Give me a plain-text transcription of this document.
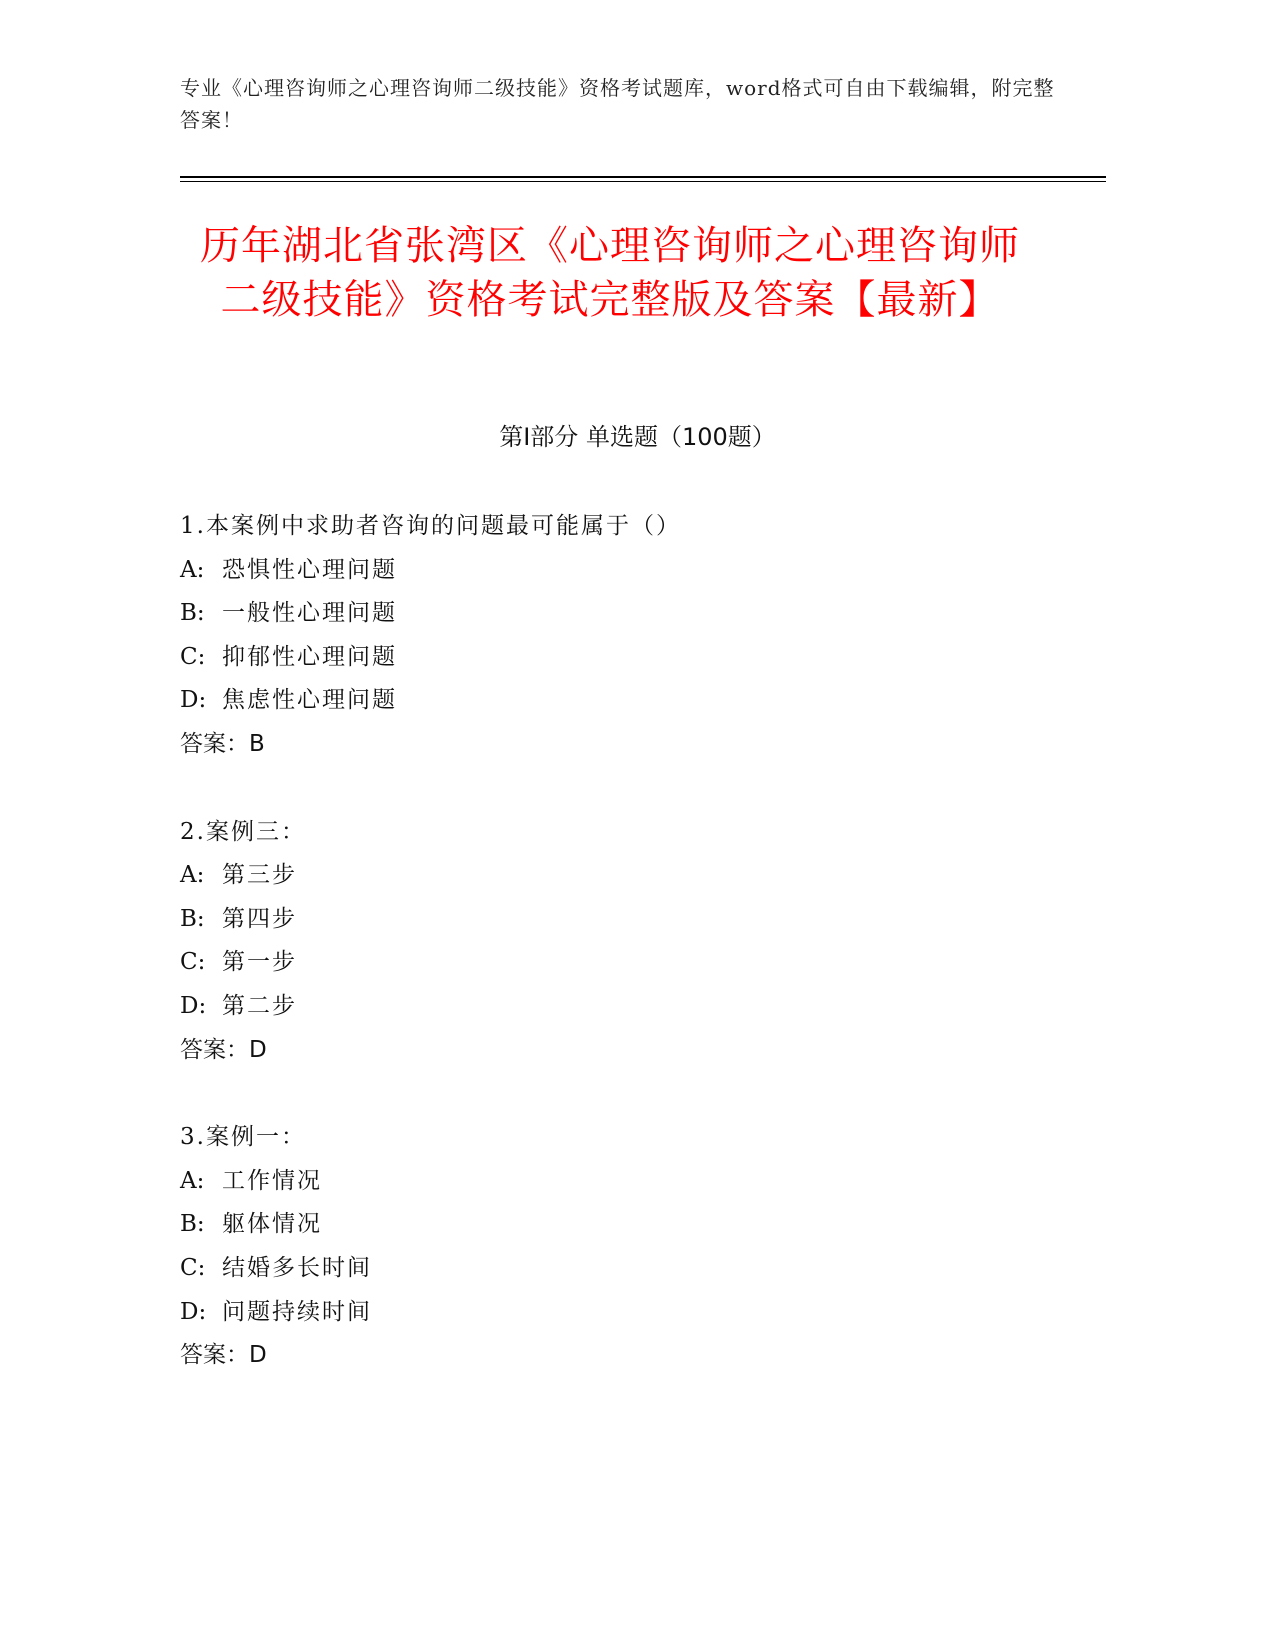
专业《心理咨询师之心理咨询师二级技能》资格考试题库，word格式可自由下载编辑，附完整答案！
历年湖北省张湾区《心理咨询师之心理咨询师二级技能》资格考试完整版及答案【最新】
第Ⅰ部分 单选题（100题）
1.本案例中求助者咨询的问题最可能属于（）
A: 恐惧性心理问题
B: 一般性心理问题
C: 抑郁性心理问题
D: 焦虑性心理问题
答案：B
2.案例三：
A: 第三步
B: 第四步
C: 第一步
D: 第二步
答案：D
3.案例一：
A: 工作情况
B: 躯体情况
C: 结婚多长时间
D: 问题持续时间
答案：D
